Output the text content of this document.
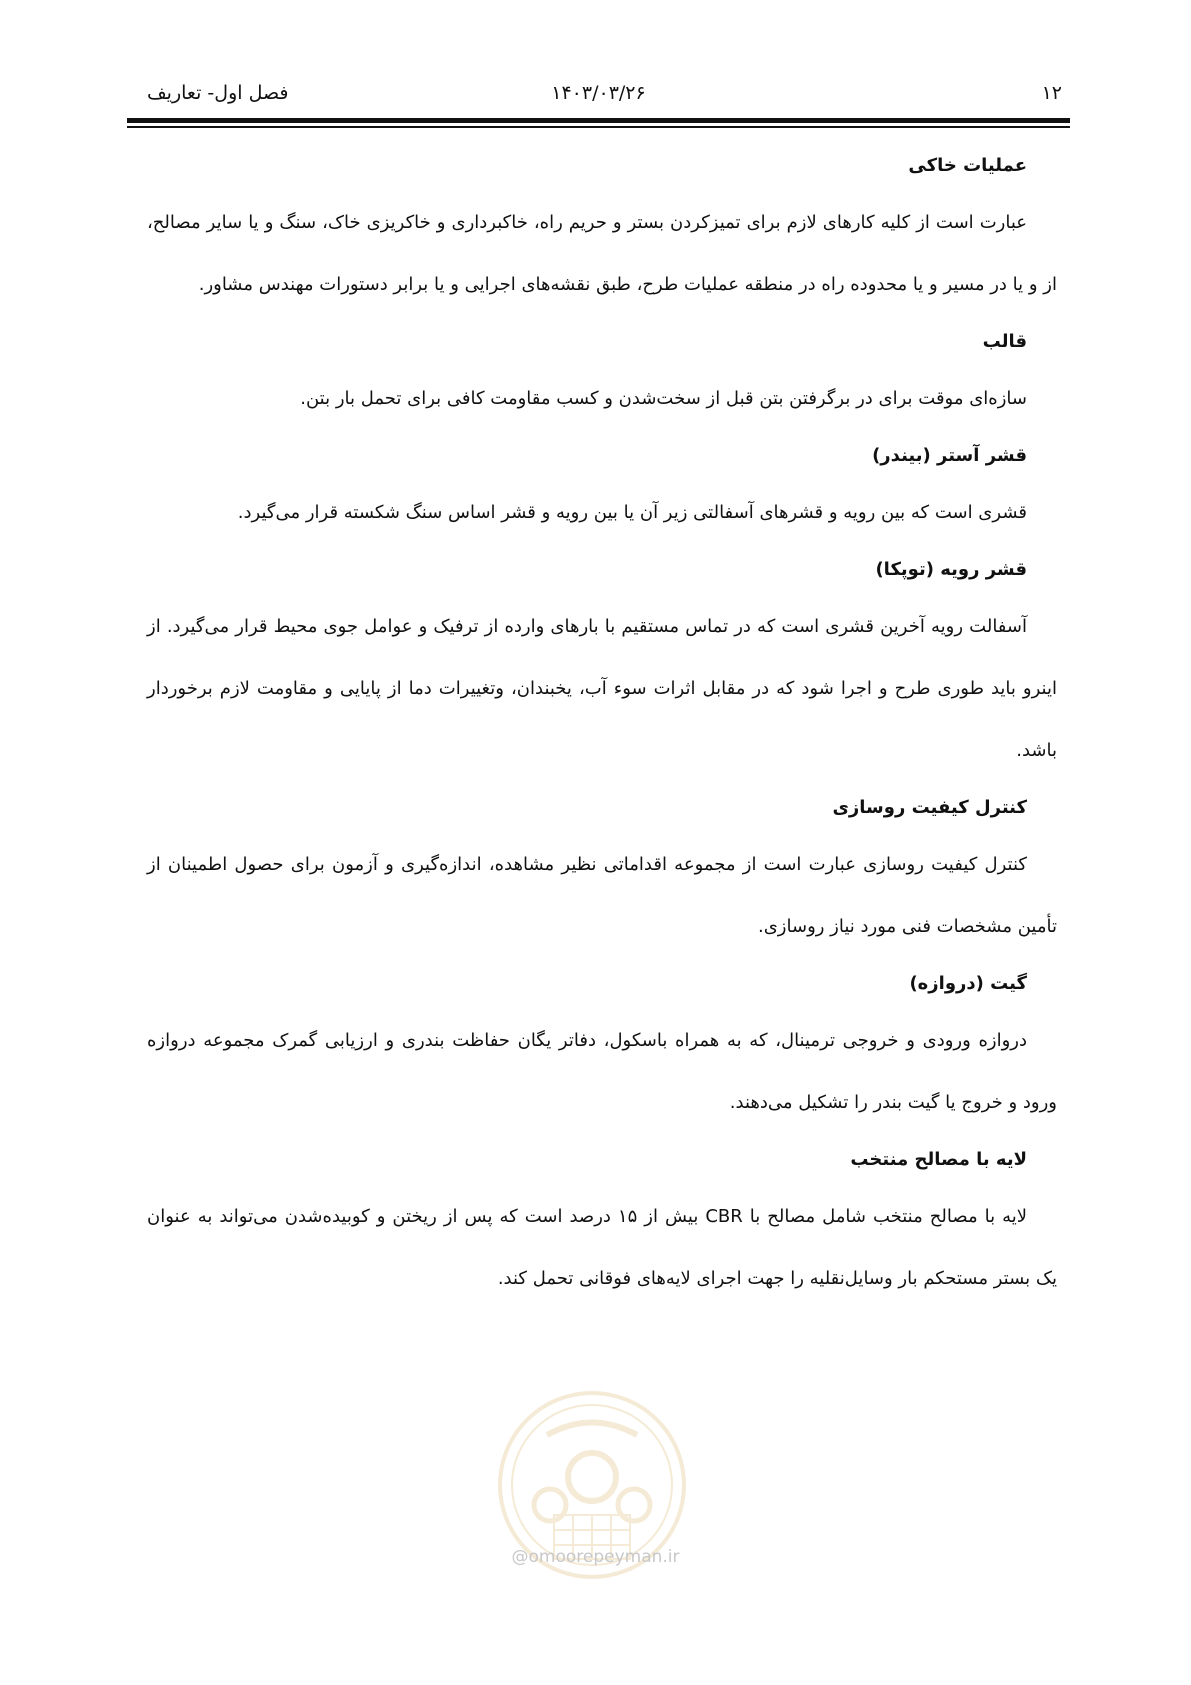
۱۲
۱۴۰۳/۰۳/۲۶
فصل اول- تعاریف
عملیات خاکی

عبارت است از کلیه کارهای لازم برای تمیزکردن بستر و حریم راه، خاکبرداری و خاکریزی خاک، سنگ و یا سایر مصالح، از و یا در مسیر و یا محدوده راه در منطقه عملیات طرح، طبق نقشه‌های اجرایی و یا برابر دستورات مهندس مشاور.

قالب

سازه‌ای موقت برای در برگرفتن بتن قبل از سخت‌شدن و کسب مقاومت کافی برای تحمل بار بتن.

قشر آستر (بیندر)

قشری است که بین رویه و قشرهای آسفالتی زیر آن یا بین رویه و قشر اساس سنگ شکسته قرار می‌گیرد.

قشر رویه (توپکا)

آسفالت رویه آخرین قشری است که در تماس مستقیم با بارهای وارده از ترفیک و عوامل جوی محیط قرار می‌گیرد. از اینرو باید طوری طرح و اجرا شود که در مقابل اثرات سوء آب، یخبندان، وتغییرات دما از پایایی و مقاومت لازم برخوردار باشد.

کنترل کیفیت روسازی

کنترل کیفیت روسازی عبارت است از مجموعه اقداماتی نظیر مشاهده، اندازه‌گیری و آزمون برای حصول اطمینان از تأمین مشخصات فنی مورد نیاز روسازی.

گیت (دروازه)

دروازه ورودی و خروجی ترمینال، که به همراه باسکول، دفاتر یگان حفاظت بندری و ارزیابی گمرک مجموعه دروازه ورود و خروج یا گیت بندر را تشکیل می‌دهند.

لایه با مصالح منتخب

لایه با مصالح منتخب شامل مصالح با CBR بیش از ۱۵ درصد است که پس از ریختن و کوبیده‌شدن می‌تواند به عنوان یک بستر مستحکم بار وسایل‌نقلیه را جهت اجرای لایه‌های فوقانی تحمل کند.

@omoorepeyman.ir
